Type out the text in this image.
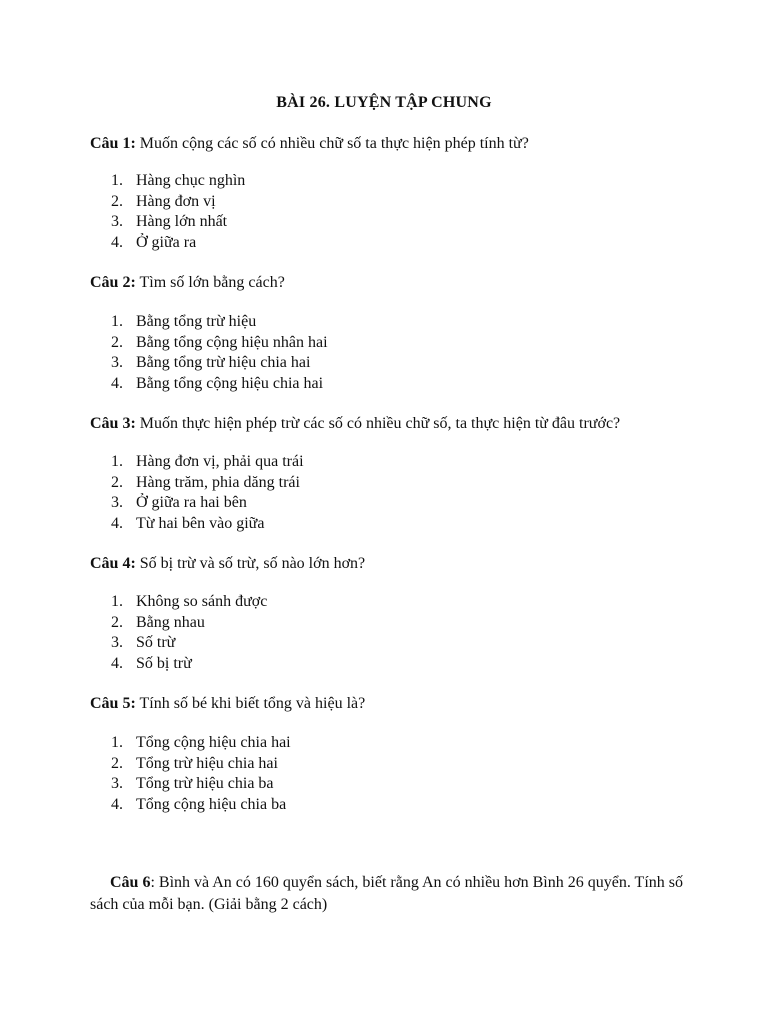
BÀI 26. LUYỆN TẬP CHUNG
Câu 1: Muốn cộng các số có nhiều chữ số ta thực hiện phép tính từ?
1. Hàng chục nghìn
2. Hàng đơn vị
3. Hàng lớn nhất
4. Ở giữa ra
Câu 2: Tìm số lớn bằng cách?
1. Bằng tổng trừ hiệu
2. Bằng tổng cộng hiệu nhân hai
3. Bằng tổng trừ hiệu chia hai
4. Bằng tổng cộng hiệu chia hai
Câu 3: Muốn thực hiện phép trừ các số có nhiều chữ số, ta thực hiện từ đâu trước?
1. Hàng đơn vị, phải qua trái
2. Hàng trăm, phia dăng trái
3. Ở giữa ra hai bên
4. Từ hai bên vào giữa
Câu 4: Số bị trừ và số trừ, số nào lớn hơn?
1. Không so sánh được
2. Bằng nhau
3. Số trừ
4. Số bị trừ
Câu 5: Tính số bé khi biết tổng và hiệu là?
1. Tổng cộng hiệu chia hai
2. Tổng trừ hiệu chia hai
3. Tổng trừ hiệu chia ba
4. Tổng cộng hiệu chia ba
Câu 6: Bình và An có 160 quyển sách, biết rằng An có nhiều hơn Bình 26 quyển. Tính số sách của mỗi bạn. (Giải bằng 2 cách)
